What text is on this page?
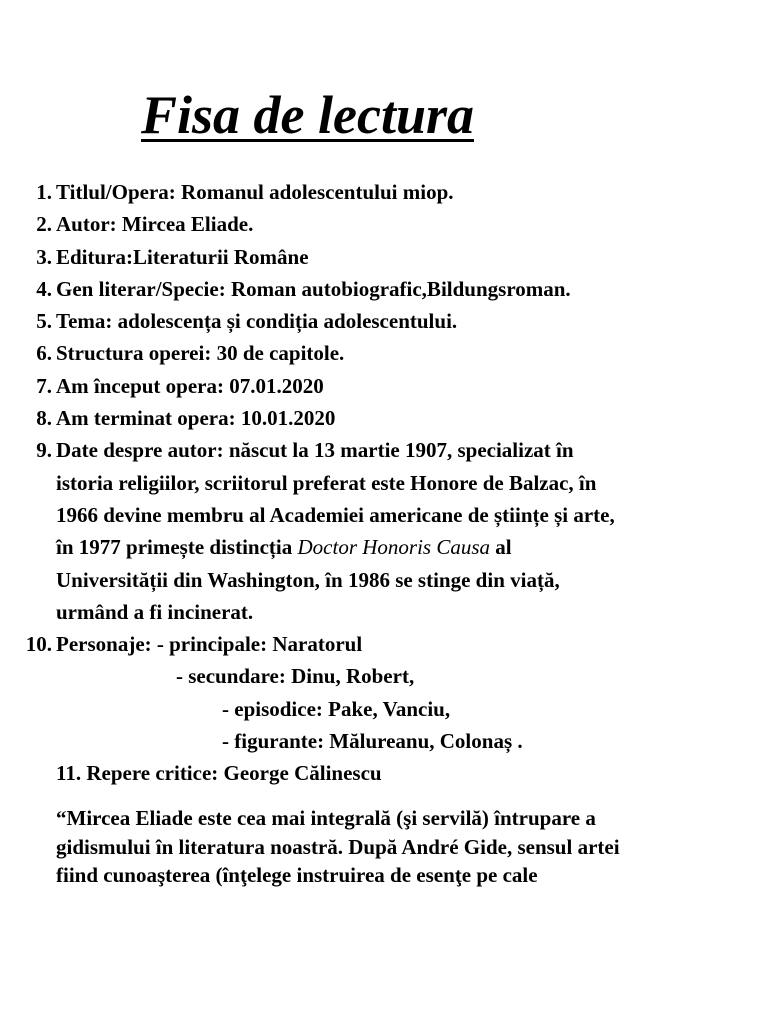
Fisa de lectura
1. Titlul/Opera: Romanul adolescentului miop.
2. Autor: Mircea Eliade.
3. Editura:Literaturii Române
4. Gen literar/Specie: Roman autobiografic,Bildungsroman.
5. Tema: adolescența și condiția adolescentului.
6. Structura operei: 30 de capitole.
7. Am început opera: 07.01.2020
8. Am terminat opera: 10.01.2020
9. Date despre autor: născut la 13 martie 1907, specializat în
istoria religiilor, scriitorul preferat este Honore de Balzac, în
1966 devine membru al Academiei americane de științe și arte,
în 1977 primește distincția Doctor Honoris Causa al
Universității din Washington, în 1986 se stinge din viață,
urmând a fi incinerat.
10. Personaje: - principale: Naratorul
- secundare: Dinu, Robert,
- episodice: Pake, Vanciu,
- figurante: Mălureanu, Colonaș .
11. Repere critice: George Călinescu
“Mircea Eliade este cea mai integrală (şi servilă) întrupare a
gidismului în literatura noastră. După André Gide, sensul artei
fiind cunoaşterea (înţelege instruirea de esenţe pe cale
